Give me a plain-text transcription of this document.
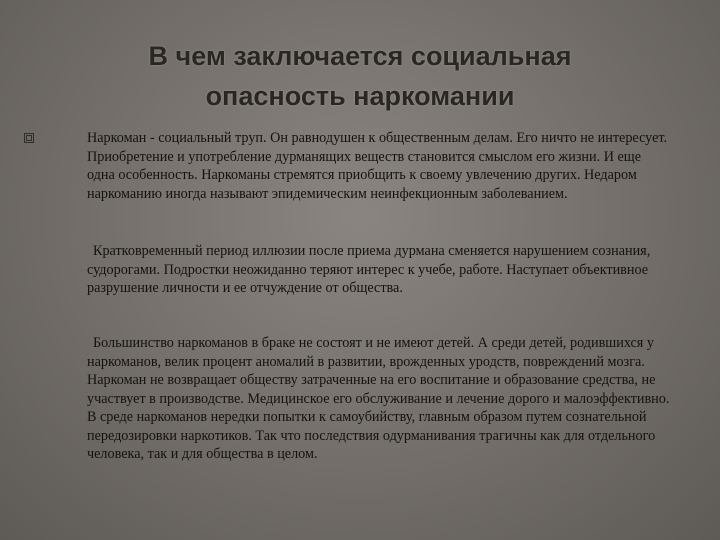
В чем заключается социальная
опасность наркомании

Наркоман - социальный труп. Он равнодушен к общественным делам. Его ничто не интересует. Приобретение и употребление дурманящих веществ становится смыслом его жизни. И еще одна особенность. Наркоманы стремятся приобщить к своему увлечению других. Недаром наркоманию иногда называют эпидемическим неинфекционным заболеванием.

Кратковременный период иллюзии после приема дурмана сменяется нарушением сознания, судорогами. Подростки неожиданно теряют интерес к учебе, работе. Наступает объективное разрушение личности и ее отчуждение от общества.

Большинство наркоманов в браке не состоят и не имеют детей. А среди детей, родившихся у наркоманов, велик процент аномалий в развитии, врожденных уродств, повреждений мозга. Наркоман не возвращает обществу затраченные на его воспитание и образование средства, не участвует в производстве. Медицинское его обслуживание и лечение дорого и малоэффективно. В среде наркоманов нередки попытки к самоубийству, главным образом путем сознательной передозировки наркотиков. Так что последствия одурманивания трагичны как для отдельного человека, так и для общества в целом.
